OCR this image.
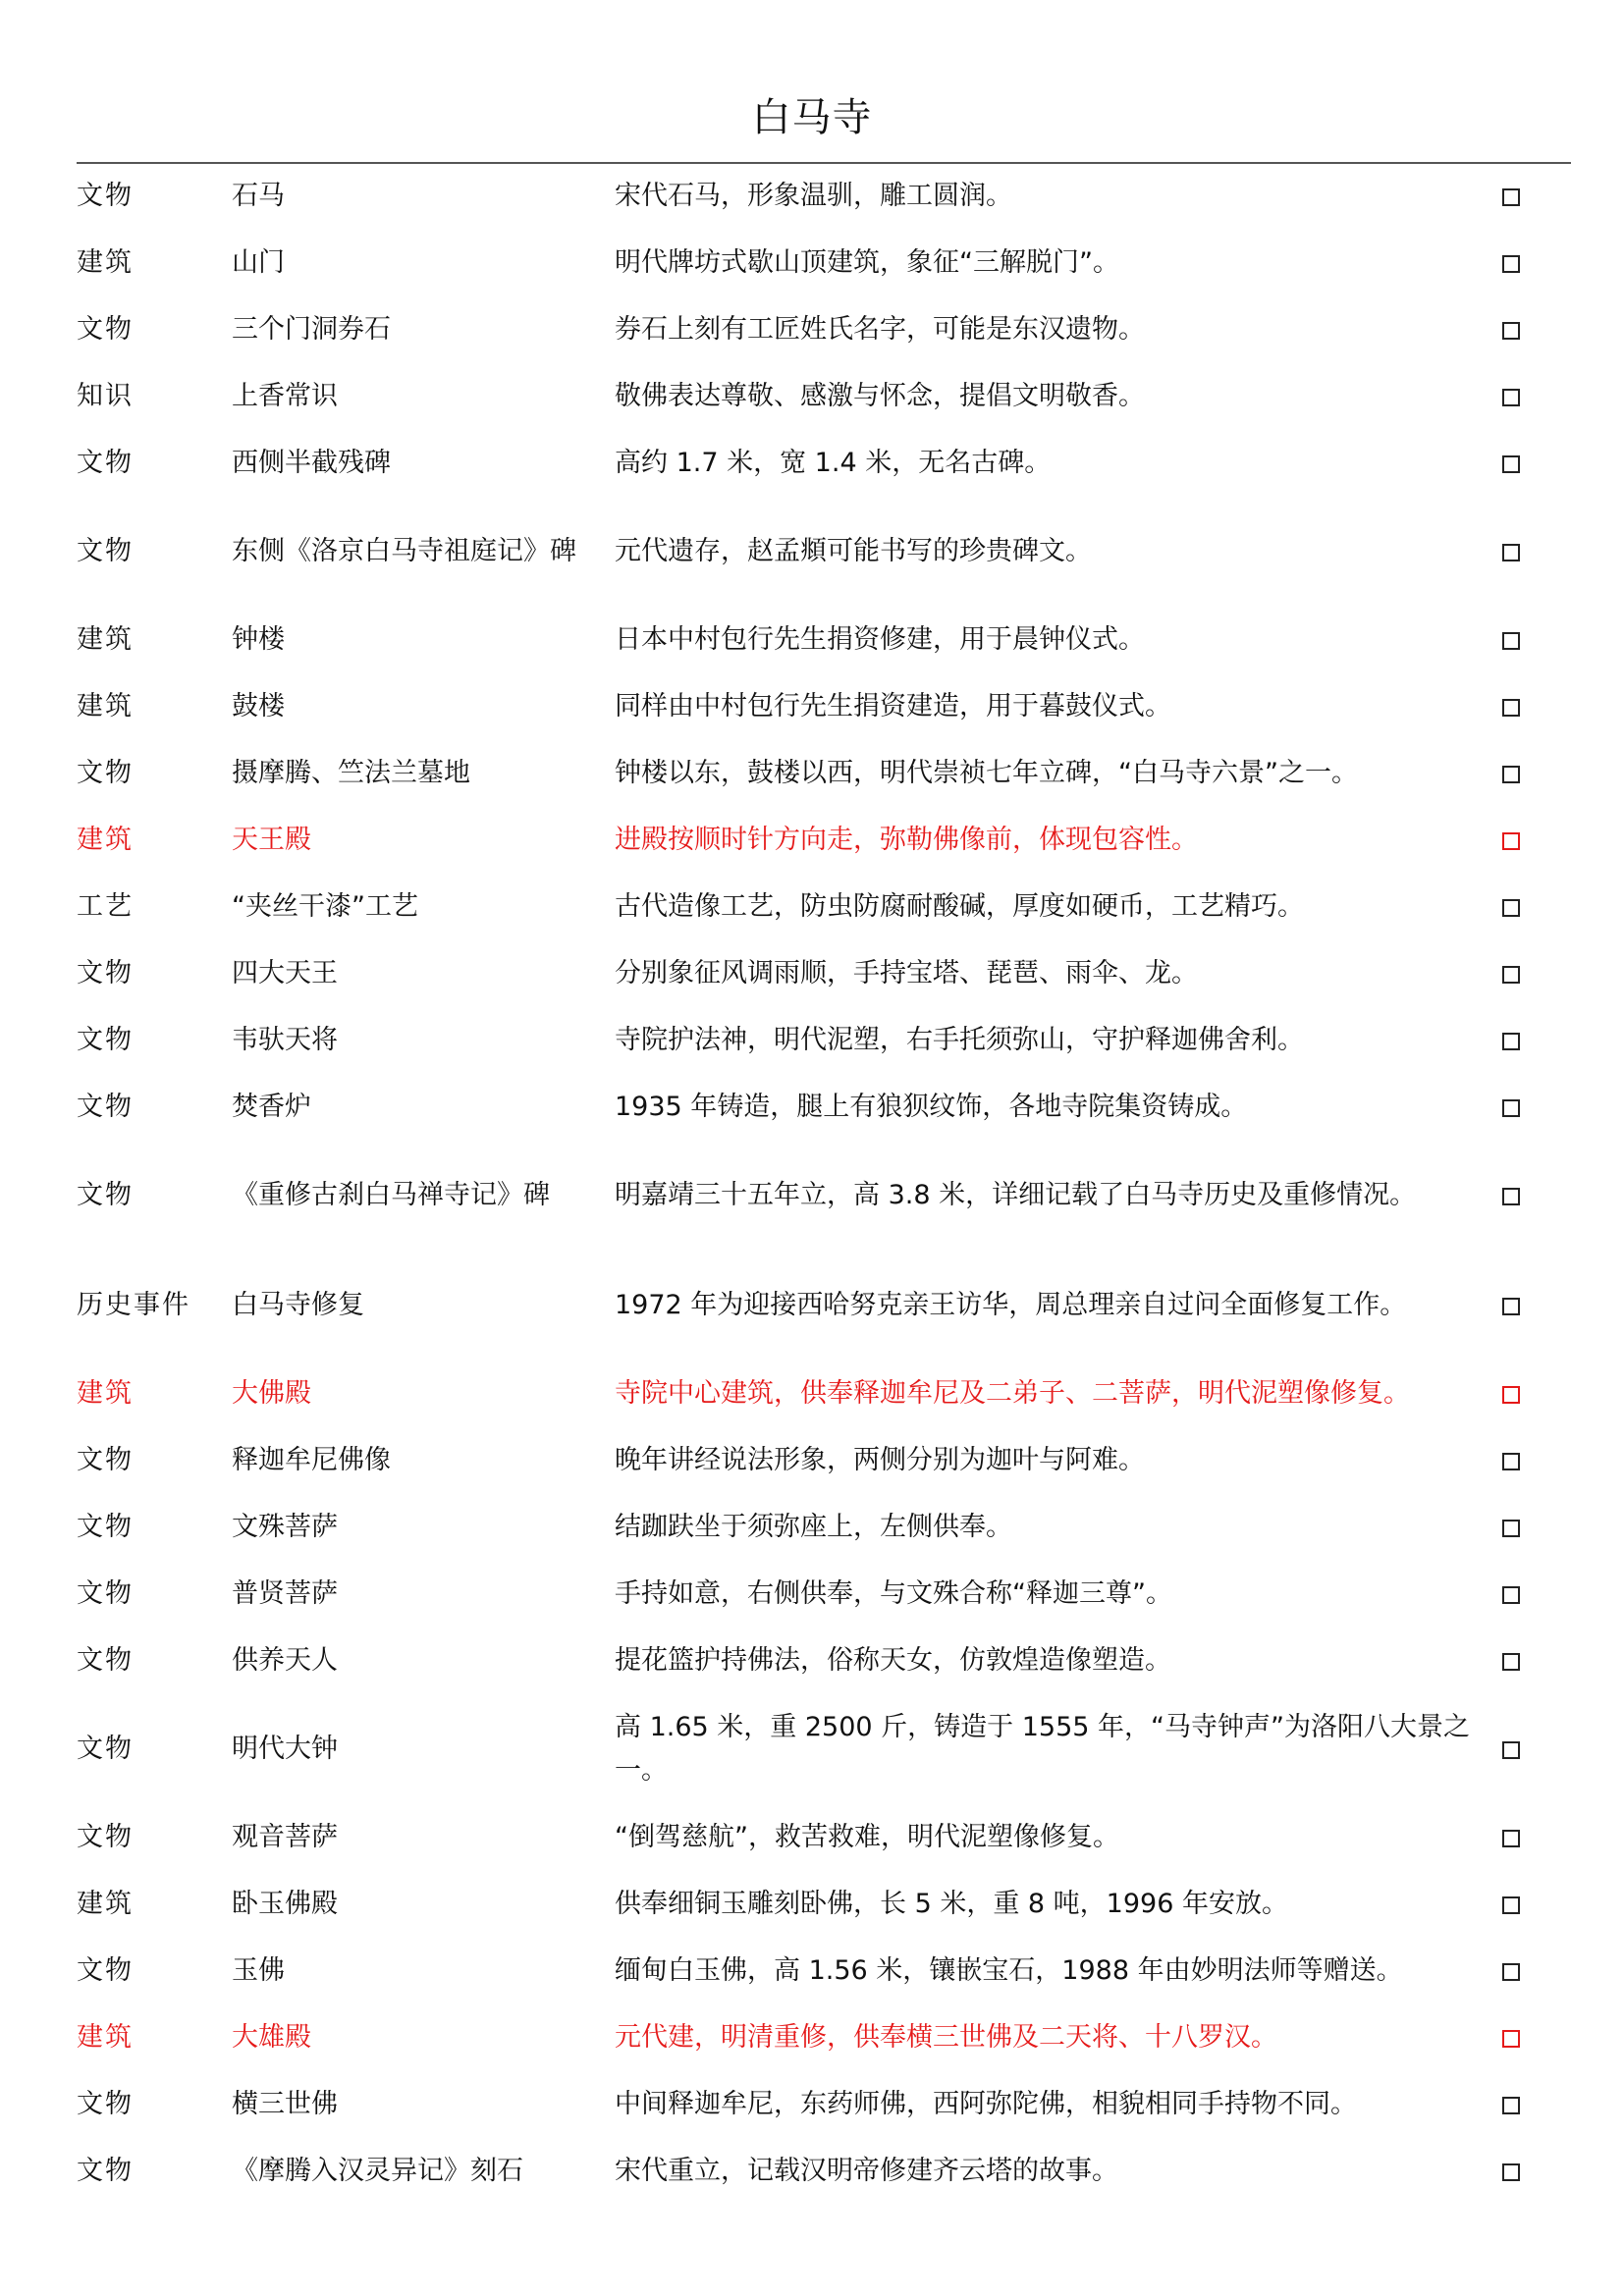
白马寺
文物	石马	宋代石马，形象温驯，雕工圆润。	
建筑	山门	明代牌坊式歇山顶建筑，象征“三解脱门”。	
文物	三个门洞券石	券石上刻有工匠姓氏名字，可能是东汉遗物。	
知识	上香常识	敬佛表达尊敬、感激与怀念，提倡文明敬香。	
文物	西侧半截残碑	高约 1.7 米，宽 1.4 米，无名古碑。	
文物	东侧《洛京白马寺祖庭记》碑	元代遗存，赵孟頫可能书写的珍贵碑文。	
建筑	钟楼	日本中村包行先生捐资修建，用于晨钟仪式。	
建筑	鼓楼	同样由中村包行先生捐资建造，用于暮鼓仪式。	
文物	摄摩腾、竺法兰墓地	钟楼以东，鼓楼以西，明代崇祯七年立碑，“白马寺六景”之一。	
建筑	天王殿	进殿按顺时针方向走，弥勒佛像前，体现包容性。	
工艺	“夹丝干漆”工艺	古代造像工艺，防虫防腐耐酸碱，厚度如硬币，工艺精巧。	
文物	四大天王	分别象征风调雨顺，手持宝塔、琵琶、雨伞、龙。	
文物	韦驮天将	寺院护法神，明代泥塑，右手托须弥山，守护释迦佛舍利。	
文物	焚香炉	1935 年铸造，腿上有狼狈纹饰，各地寺院集资铸成。	
文物	《重修古刹白马禅寺记》碑	明嘉靖三十五年立，高 3.8 米，详细记载了白马寺历史及重修情况。	
历史事件	白马寺修复	1972 年为迎接西哈努克亲王访华，周总理亲自过问全面修复工作。	
建筑	大佛殿	寺院中心建筑，供奉释迦牟尼及二弟子、二菩萨，明代泥塑像修复。	
文物	释迦牟尼佛像	晚年讲经说法形象，两侧分别为迦叶与阿难。	
文物	文殊菩萨	结跏趺坐于须弥座上，左侧供奉。	
文物	普贤菩萨	手持如意，右侧供奉，与文殊合称“释迦三尊”。	
文物	供养天人	提花篮护持佛法，俗称天女，仿敦煌造像塑造。	
文物	明代大钟	高 1.65 米，重 2500 斤，铸造于 1555 年，“马寺钟声”为洛阳八大景之一。	
文物	观音菩萨	“倒驾慈航”，救苦救难，明代泥塑像修复。	
建筑	卧玉佛殿	供奉细铜玉雕刻卧佛，长 5 米，重 8 吨，1996 年安放。	
文物	玉佛	缅甸白玉佛，高 1.56 米，镶嵌宝石，1988 年由妙明法师等赠送。	
建筑	大雄殿	元代建，明清重修，供奉横三世佛及二天将、十八罗汉。	
文物	横三世佛	中间释迦牟尼，东药师佛，西阿弥陀佛，相貌相同手持物不同。	
文物	《摩腾入汉灵异记》刻石	宋代重立，记载汉明帝修建齐云塔的故事。	
